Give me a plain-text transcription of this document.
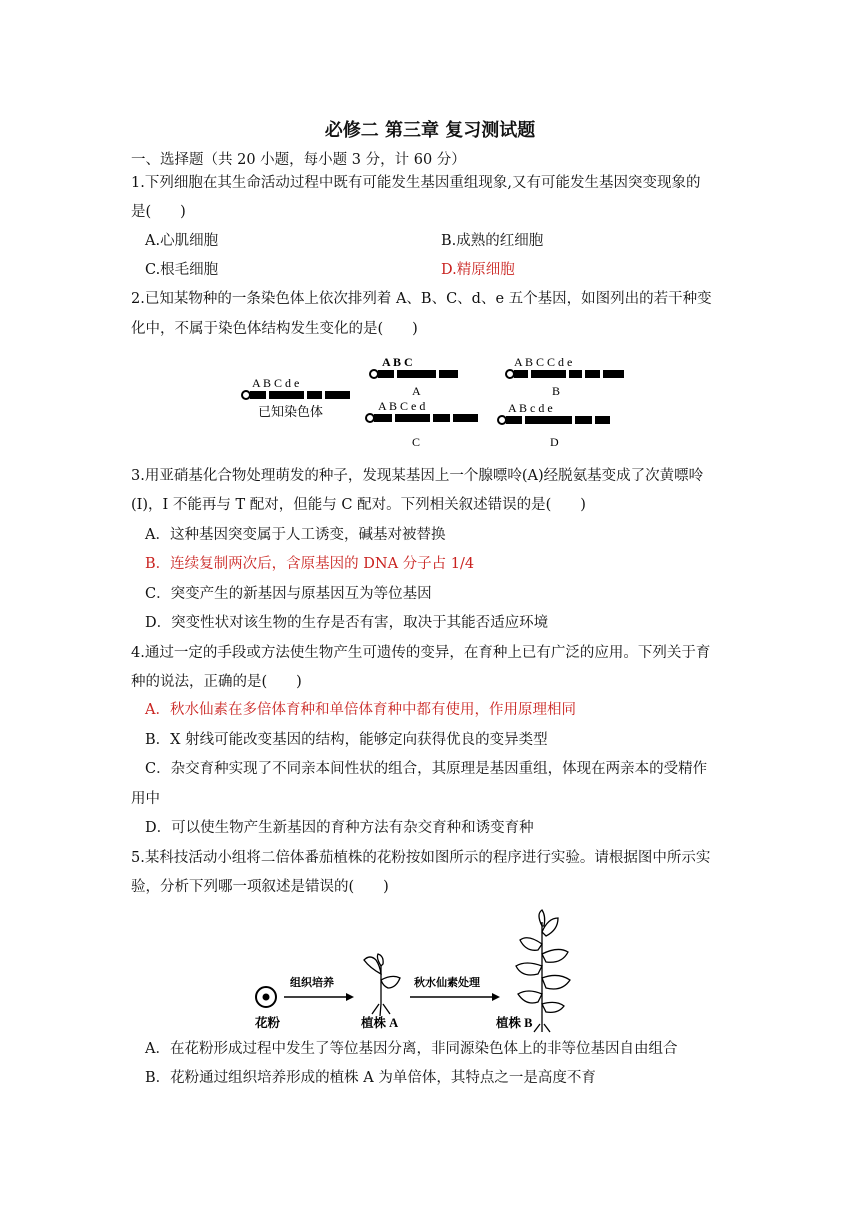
必修二 第三章 复习测试题
一、选择题（共 20 小题，每小题 3 分，计 60 分）
1.下列细胞在其生命活动过程中既有可能发生基因重组现象,又有可能发生基因突变现象的
是(　　)
A.心肌细胞	B.成熟的红细胞
C.根毛细胞	D.精原细胞
2.已知某物种的一条染色体上依次排列着 A、B、C、d、e 五个基因，如图列出的若干种变
化中，不属于染色体结构发生变化的是(　　)
A B C d e
已知染色体
A B C
A
A B C C d e
B
A B C e d
C
A B c d e
D
3.用亚硝基化合物处理萌发的种子，发现某基因上一个腺嘌呤(A)经脱氨基变成了次黄嘌呤
(I)，I 不能再与 T 配对，但能与 C 配对。下列相关叙述错误的是(　　)
A．这种基因突变属于人工诱变，碱基对被替换
B．连续复制两次后，含原基因的 DNA 分子占 1/4
C．突变产生的新基因与原基因互为等位基因
D．突变性状对该生物的生存是否有害，取决于其能否适应环境
4.通过一定的手段或方法使生物产生可遗传的变异，在育种上已有广泛的应用。下列关于育
种的说法，正确的是(　　)
A．秋水仙素在多倍体育种和单倍体育种中都有使用，作用原理相同
B．X 射线可能改变基因的结构，能够定向获得优良的变异类型
C．杂交育种实现了不同亲本间性状的组合，其原理是基因重组，体现在两亲本的受精作
用中
D．可以使生物产生新基因的育种方法有杂交育种和诱变育种
5.某科技活动小组将二倍体番茄植株的花粉按如图所示的程序进行实验。请根据图中所示实
验，分析下列哪一项叙述是错误的(　　)
花粉
组织培养
植株 A
秋水仙素处理
植株 B
A．在花粉形成过程中发生了等位基因分离，非同源染色体上的非等位基因自由组合
B．花粉通过组织培养形成的植株 A 为单倍体，其特点之一是高度不育
